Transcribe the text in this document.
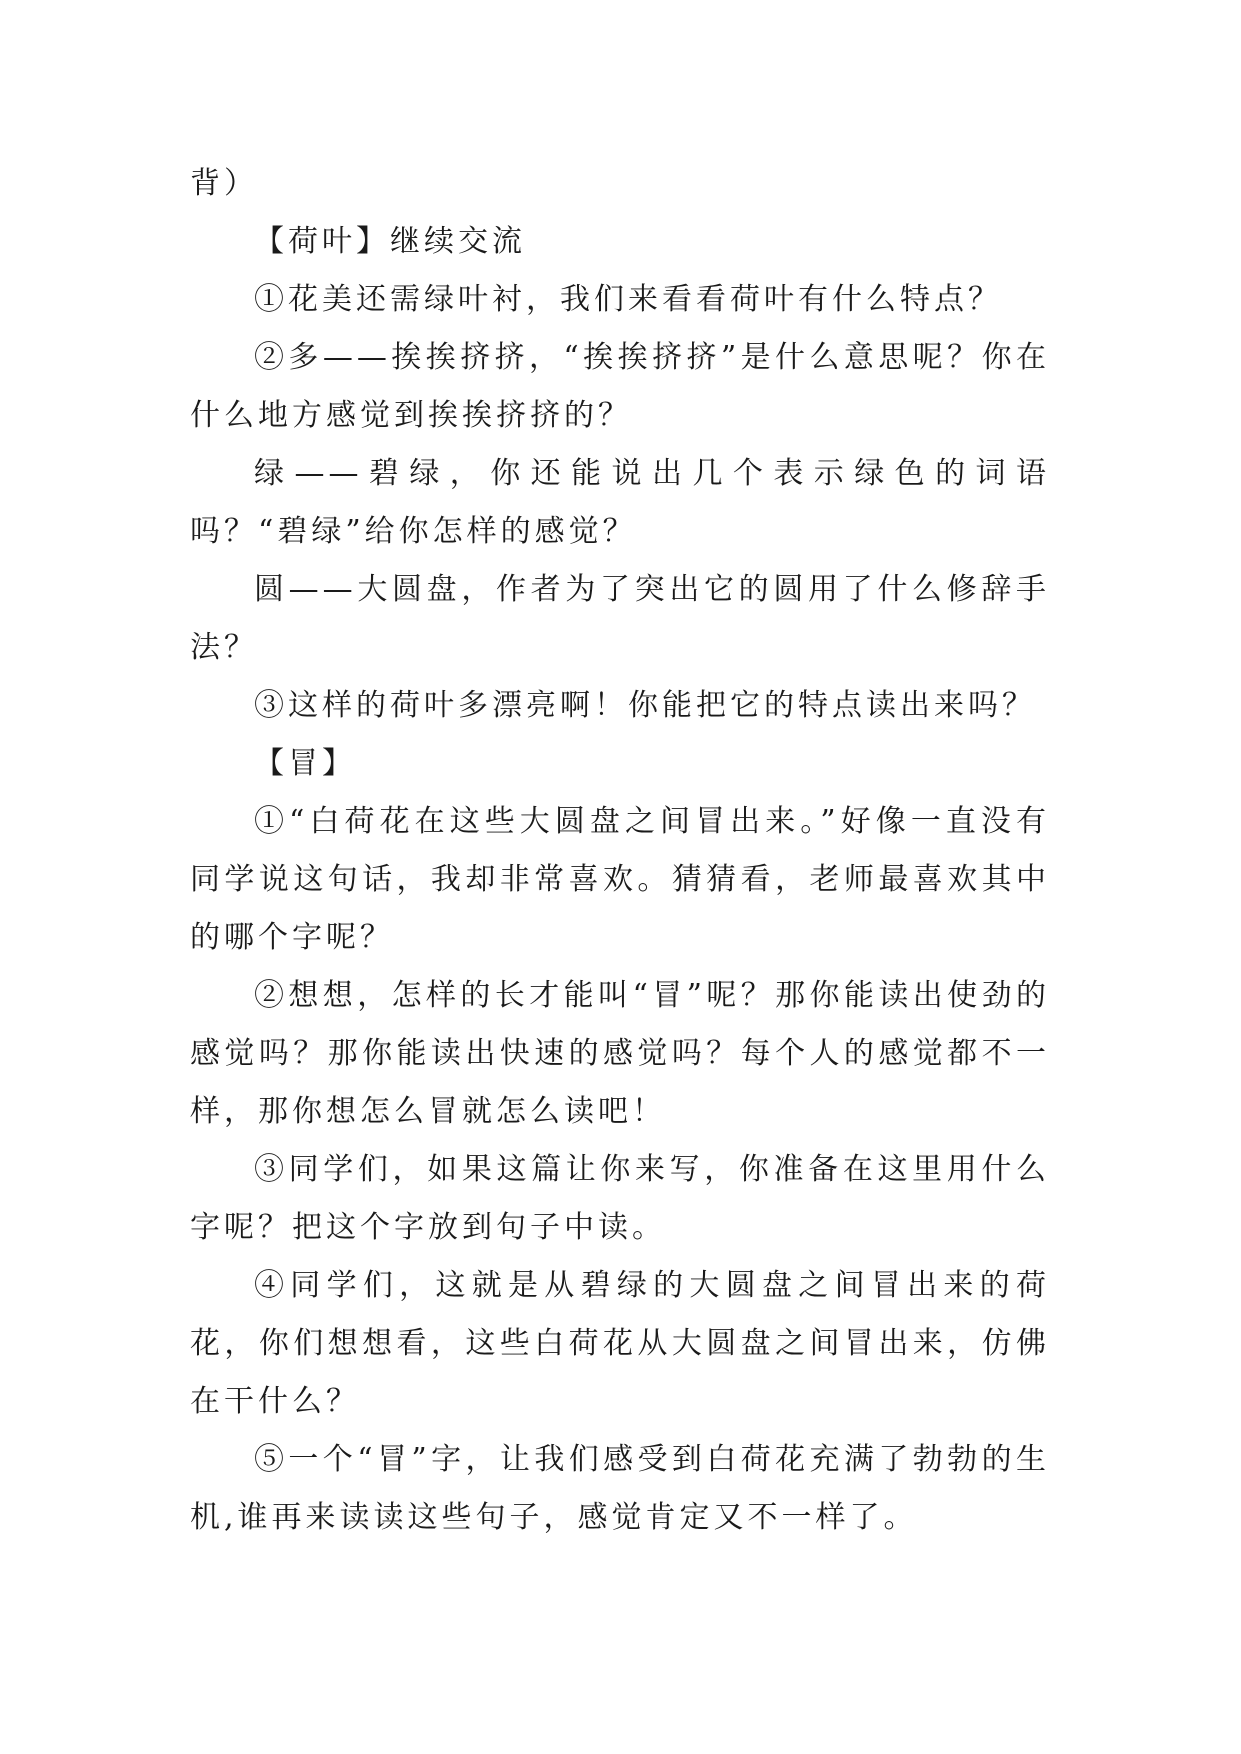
背）

【荷叶】继续交流

①花美还需绿叶衬，我们来看看荷叶有什么特点？

②多——挨挨挤挤，“挨挨挤挤”是什么意思呢？你在什么地方感觉到挨挨挤挤的？

绿——碧绿，你还能说出几个表示绿色的词语吗？“碧绿”给你怎样的感觉？

圆——大圆盘，作者为了突出它的圆用了什么修辞手法？

③这样的荷叶多漂亮啊！你能把它的特点读出来吗？

【冒】

①“白荷花在这些大圆盘之间冒出来。”好像一直没有同学说这句话，我却非常喜欢。猜猜看，老师最喜欢其中的哪个字呢？

②想想，怎样的长才能叫“冒”呢？那你能读出使劲的感觉吗？那你能读出快速的感觉吗？每个人的感觉都不一样，那你想怎么冒就怎么读吧！

③同学们，如果这篇让你来写，你准备在这里用什么字呢？把这个字放到句子中读。

④同学们，这就是从碧绿的大圆盘之间冒出来的荷花，你们想想看，这些白荷花从大圆盘之间冒出来，仿佛在干什么？

⑤一个“冒”字，让我们感受到白荷花充满了勃勃的生机,谁再来读读这些句子，感觉肯定又不一样了。
